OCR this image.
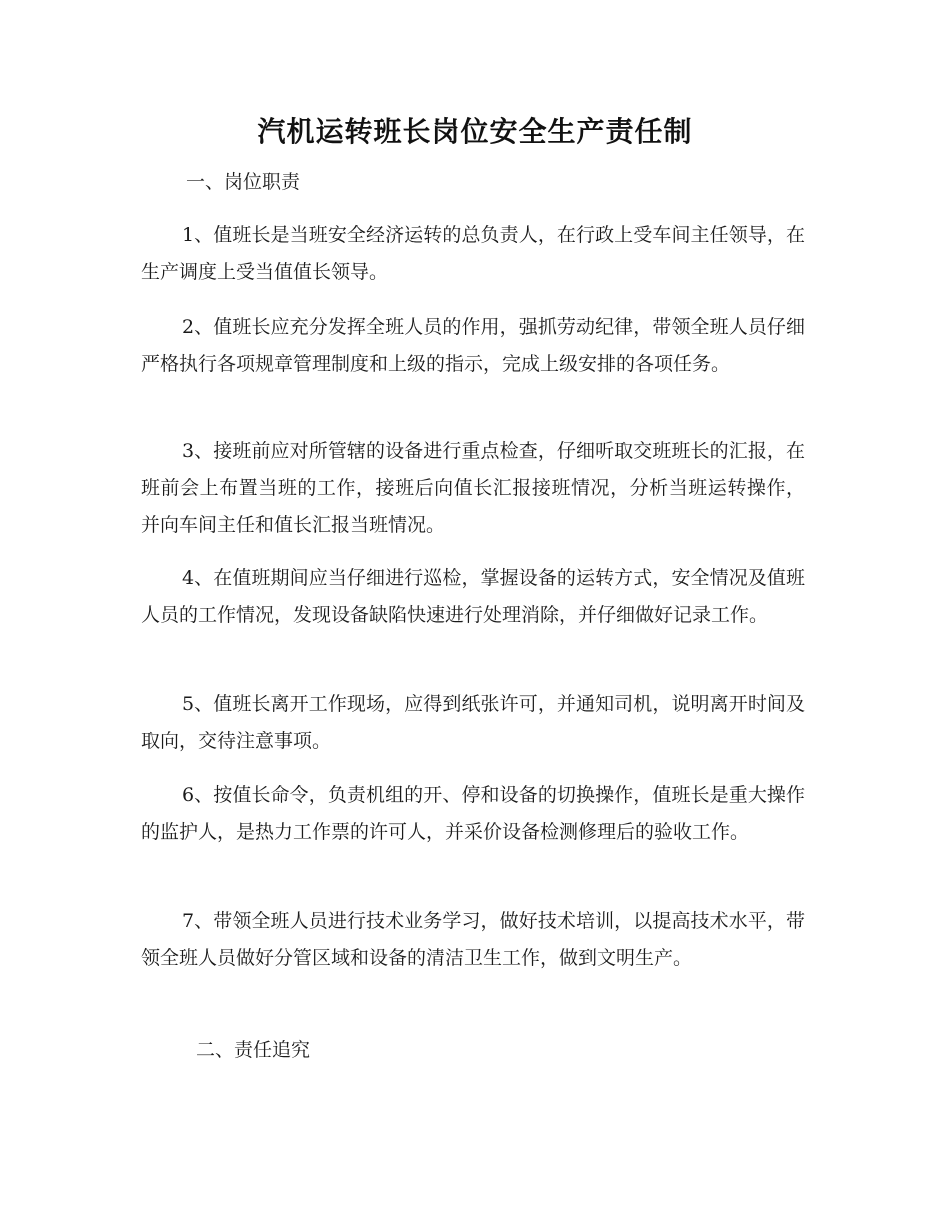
汽机运转班长岗位安全生产责任制
一、岗位职责
1、值班长是当班安全经济运转的总负责人，在行政上受车间主任领导，在生产调度上受当值值长领导。
2、值班长应充分发挥全班人员的作用，强抓劳动纪律，带领全班人员仔细严格执行各项规章管理制度和上级的指示，完成上级安排的各项任务。
3、接班前应对所管辖的设备进行重点检查，仔细听取交班班长的汇报，在班前会上布置当班的工作，接班后向值长汇报接班情况，分析当班运转操作，并向车间主任和值长汇报当班情况。
4、在值班期间应当仔细进行巡检，掌握设备的运转方式，安全情况及值班人员的工作情况，发现设备缺陷快速进行处理消除，并仔细做好记录工作。
5、值班长离开工作现场，应得到纸张许可，并通知司机，说明离开时间及取向，交待注意事项。
6、按值长命令，负责机组的开、停和设备的切换操作，值班长是重大操作的监护人，是热力工作票的许可人，并采价设备检测修理后的验收工作。
7、带领全班人员进行技术业务学习，做好技术培训，以提高技术水平，带领全班人员做好分管区域和设备的清洁卫生工作，做到文明生产。
二、责任追究
